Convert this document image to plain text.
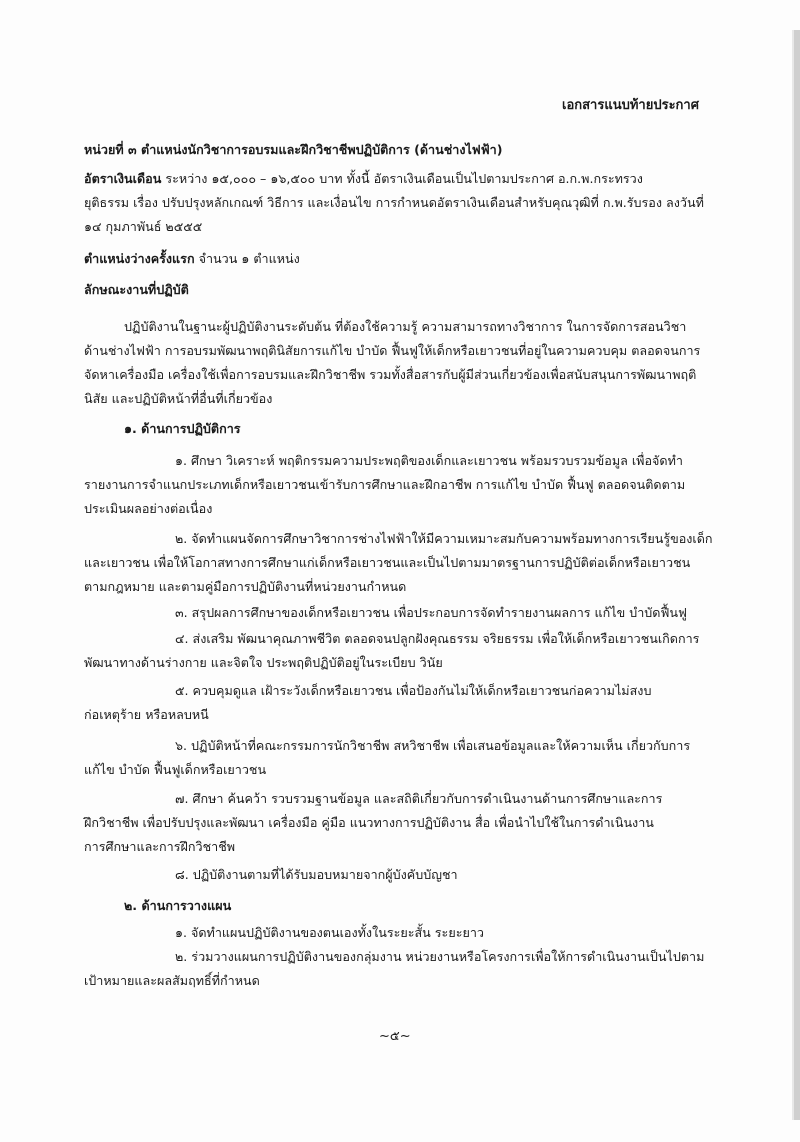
เอกสารแนบท้ายประกาศ

หน่วยที่ ๓ ตำแหน่งนักวิชาการอบรมและฝึกวิชาชีพปฏิบัติการ (ด้านช่างไฟฟ้า)

อัตราเงินเดือน ระหว่าง ๑๕,๐๐๐ – ๑๖,๕๐๐ บาท ทั้งนี้ อัตราเงินเดือนเป็นไปตามประกาศ อ.ก.พ.กระทรวง

ยุติธรรม เรื่อง ปรับปรุงหลักเกณฑ์ วิธีการ และเงื่อนไข การกำหนดอัตราเงินเดือนสำหรับคุณวุฒิที่ ก.พ.รับรอง ลงวันที่

๑๔ กุมภาพันธ์ ๒๕๕๕

ตำแหน่งว่างครั้งแรก จำนวน ๑ ตำแหน่ง

ลักษณะงานที่ปฏิบัติ

ปฏิบัติงานในฐานะผู้ปฏิบัติงานระดับต้น ที่ต้องใช้ความรู้ ความสามารถทางวิชาการ ในการจัดการสอนวิชา

ด้านช่างไฟฟ้า การอบรมพัฒนาพฤตินิสัยการแก้ไข บำบัด ฟื้นฟูให้เด็กหรือเยาวชนที่อยู่ในความควบคุม ตลอดจนการ

จัดหาเครื่องมือ เครื่องใช้เพื่อการอบรมและฝึกวิชาชีพ รวมทั้งสื่อสารกับผู้มีส่วนเกี่ยวข้องเพื่อสนับสนุนการพัฒนาพฤติ

นิสัย และปฏิบัติหน้าที่อื่นที่เกี่ยวข้อง

๑. ด้านการปฏิบัติการ

๑. ศึกษา วิเคราะห์ พฤติกรรมความประพฤติของเด็กและเยาวชน พร้อมรวบรวมข้อมูล เพื่อจัดทำ

รายงานการจำแนกประเภทเด็กหรือเยาวชนเข้ารับการศึกษาและฝึกอาชีพ การแก้ไข บำบัด ฟื้นฟู ตลอดจนติดตาม

ประเมินผลอย่างต่อเนื่อง

๒. จัดทำแผนจัดการศึกษาวิชาการช่างไฟฟ้าให้มีความเหมาะสมกับความพร้อมทางการเรียนรู้ของเด็ก

และเยาวชน เพื่อให้โอกาสทางการศึกษาแก่เด็กหรือเยาวชนและเป็นไปตามมาตรฐานการปฏิบัติต่อเด็กหรือเยาวชน

ตามกฎหมาย และตามคู่มือการปฏิบัติงานที่หน่วยงานกำหนด

๓. สรุปผลการศึกษาของเด็กหรือเยาวชน เพื่อประกอบการจัดทำรายงานผลการ แก้ไข บำบัดฟื้นฟู

๔. ส่งเสริม พัฒนาคุณภาพชีวิต ตลอดจนปลูกฝังคุณธรรม จริยธรรม เพื่อให้เด็กหรือเยาวชนเกิดการ

พัฒนาทางด้านร่างกาย และจิตใจ ประพฤติปฏิบัติอยู่ในระเบียบ วินัย

๕. ควบคุมดูแล เฝ้าระวังเด็กหรือเยาวชน เพื่อป้องกันไม่ให้เด็กหรือเยาวชนก่อความไม่สงบ

ก่อเหตุร้าย หรือหลบหนี

๖. ปฏิบัติหน้าที่คณะกรรมการนักวิชาชีพ สหวิชาชีพ เพื่อเสนอข้อมูลและให้ความเห็น เกี่ยวกับการ

แก้ไข บำบัด ฟื้นฟูเด็กหรือเยาวชน

๗. ศึกษา ค้นคว้า รวบรวมฐานข้อมูล และสถิติเกี่ยวกับการดำเนินงานด้านการศึกษาและการ

ฝึกวิชาชีพ เพื่อปรับปรุงและพัฒนา เครื่องมือ คู่มือ แนวทางการปฏิบัติงาน สื่อ เพื่อนำไปใช้ในการดำเนินงาน

การศึกษาและการฝึกวิชาชีพ

๘. ปฏิบัติงานตามที่ได้รับมอบหมายจากผู้บังคับบัญชา

๒. ด้านการวางแผน

๑. จัดทำแผนปฏิบัติงานของตนเองทั้งในระยะสั้น ระยะยาว

๒. ร่วมวางแผนการปฏิบัติงานของกลุ่มงาน หน่วยงานหรือโครงการเพื่อให้การดำเนินงานเป็นไปตาม

เป้าหมายและผลสัมฤทธิ์ที่กำหนด

~๕~
